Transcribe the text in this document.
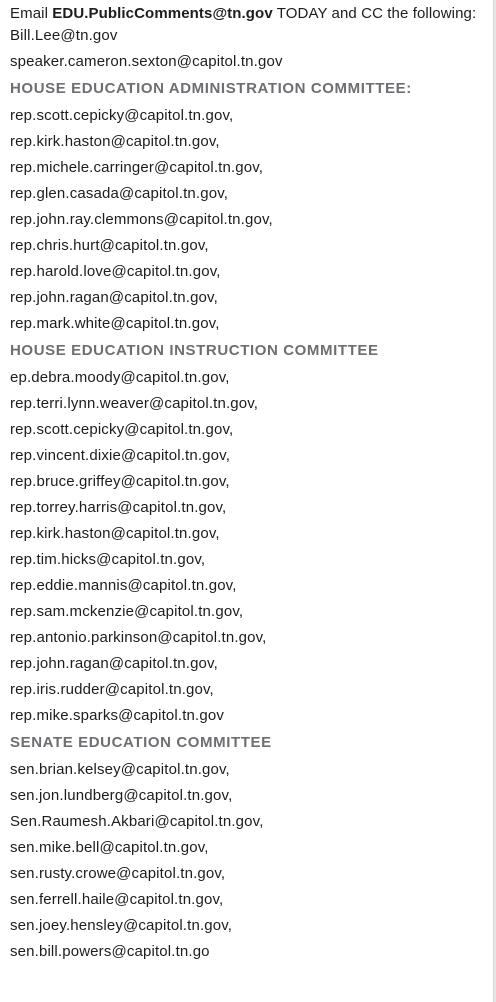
Email EDU.PublicComments@tn.gov TODAY and CC the following:
Bill.Lee@tn.gov
speaker.cameron.sexton@capitol.tn.gov
HOUSE EDUCATION ADMINISTRATION COMMITTEE:
rep.scott.cepicky@capitol.tn.gov,
rep.kirk.haston@capitol.tn.gov,
rep.michele.carringer@capitol.tn.gov,
rep.glen.casada@capitol.tn.gov,
rep.john.ray.clemmons@capitol.tn.gov,
rep.chris.hurt@capitol.tn.gov,
rep.harold.love@capitol.tn.gov,
rep.john.ragan@capitol.tn.gov,
rep.mark.white@capitol.tn.gov,
HOUSE EDUCATION INSTRUCTION COMMITTEE
ep.debra.moody@capitol.tn.gov,
rep.terri.lynn.weaver@capitol.tn.gov,
rep.scott.cepicky@capitol.tn.gov,
rep.vincent.dixie@capitol.tn.gov,
rep.bruce.griffey@capitol.tn.gov,
rep.torrey.harris@capitol.tn.gov,
rep.kirk.haston@capitol.tn.gov,
rep.tim.hicks@capitol.tn.gov,
rep.eddie.mannis@capitol.tn.gov,
rep.sam.mckenzie@capitol.tn.gov,
rep.antonio.parkinson@capitol.tn.gov,
rep.john.ragan@capitol.tn.gov,
rep.iris.rudder@capitol.tn.gov,
rep.mike.sparks@capitol.tn.gov
SENATE EDUCATION COMMITTEE
sen.brian.kelsey@capitol.tn.gov,
sen.jon.lundberg@capitol.tn.gov,
Sen.Raumesh.Akbari@capitol.tn.gov,
sen.mike.bell@capitol.tn.gov,
sen.rusty.crowe@capitol.tn.gov,
sen.ferrell.haile@capitol.tn.gov,
sen.joey.hensley@capitol.tn.gov,
sen.bill.powers@capitol.tn.go
